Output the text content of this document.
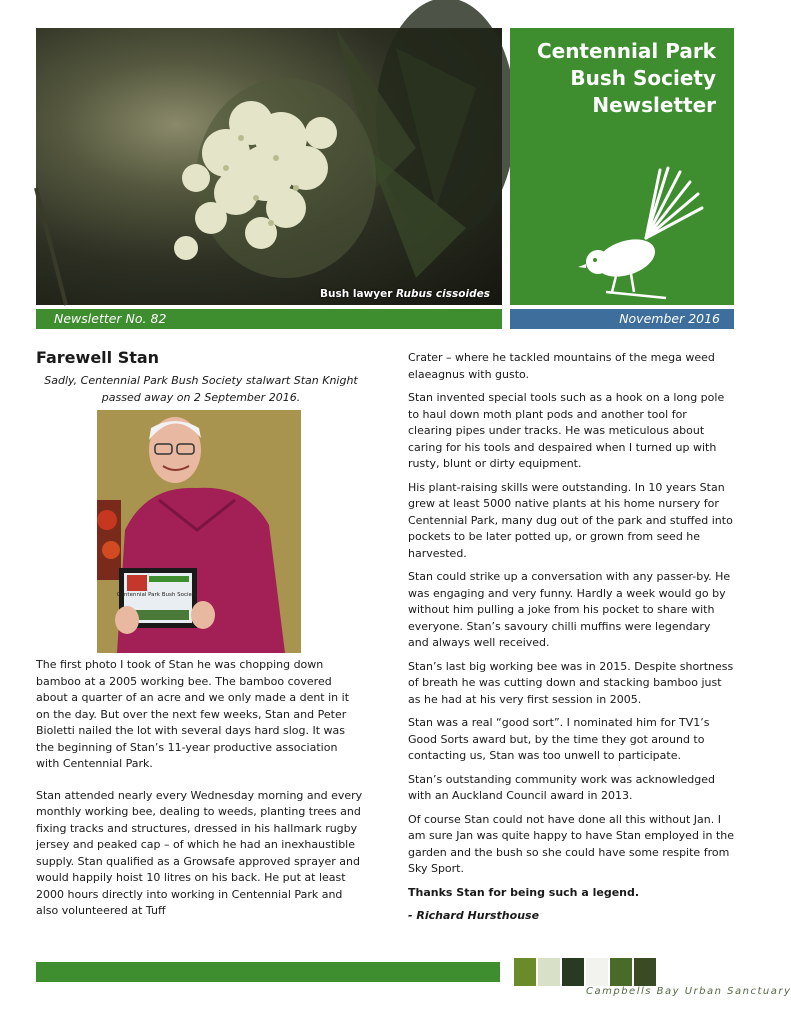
Bush lawyer Rubus cissoides
Centennial Park
Bush Society
Newsletter
Newsletter No. 82	November 2016
Farewell Stan
Sadly, Centennial Park Bush Society stalwart Stan Knight passed away on 2 September 2016.
Centennial Park Bush Society

The first photo I took of Stan he was chopping down bamboo at a 2005 working bee. The bamboo covered about a quarter of an acre and we only made a dent in it on the day. But over the next few weeks, Stan and Peter Bioletti nailed the lot with several days hard slog. It was the beginning of Stan’s 11-year productive association with Centennial Park.

Stan attended nearly every Wednesday morning and every monthly working bee, dealing to weeds, planting trees and fixing tracks and structures, dressed in his hallmark rugby jersey and peaked cap – of which he had an inexhaustible supply. Stan qualified as a Growsafe approved sprayer and would happily hoist 10 litres on his back. He put at least 2000 hours directly into working in Centennial Park and also volunteered at Tuff

Crater – where he tackled mountains of the mega weed elaeagnus with gusto.

Stan invented special tools such as a hook on a long pole to haul down moth plant pods and another tool for clearing pipes under tracks. He was meticulous about caring for his tools and despaired when I turned up with rusty, blunt or dirty equipment.

His plant-raising skills were outstanding. In 10 years Stan grew at least 5000 native plants at his home nursery for Centennial Park, many dug out of the park and stuffed into pockets to be later potted up, or grown from seed he harvested.

Stan could strike up a conversation with any passer-by. He was engaging and very funny. Hardly a week would go by without him pulling a joke from his pocket to share with everyone. Stan’s savoury chilli muffins were legendary and always well received.

Stan’s last big working bee was in 2015. Despite shortness of breath he was cutting down and stacking bamboo just as he had at his very first session in 2005.

Stan was a real “good sort”. I nominated him for TV1’s Good Sorts award but, by the time they got around to contacting us, Stan was too unwell to participate.

Stan’s outstanding community work was acknowledged with an Auckland Council award in 2013.

Of course Stan could not have done all this without Jan. I am sure Jan was quite happy to have Stan employed in the garden and the bush so she could have some respite from Sky Sport.

Thanks Stan for being such a legend.

- Richard Hursthouse

Campbells Bay Urban Sanctuary
